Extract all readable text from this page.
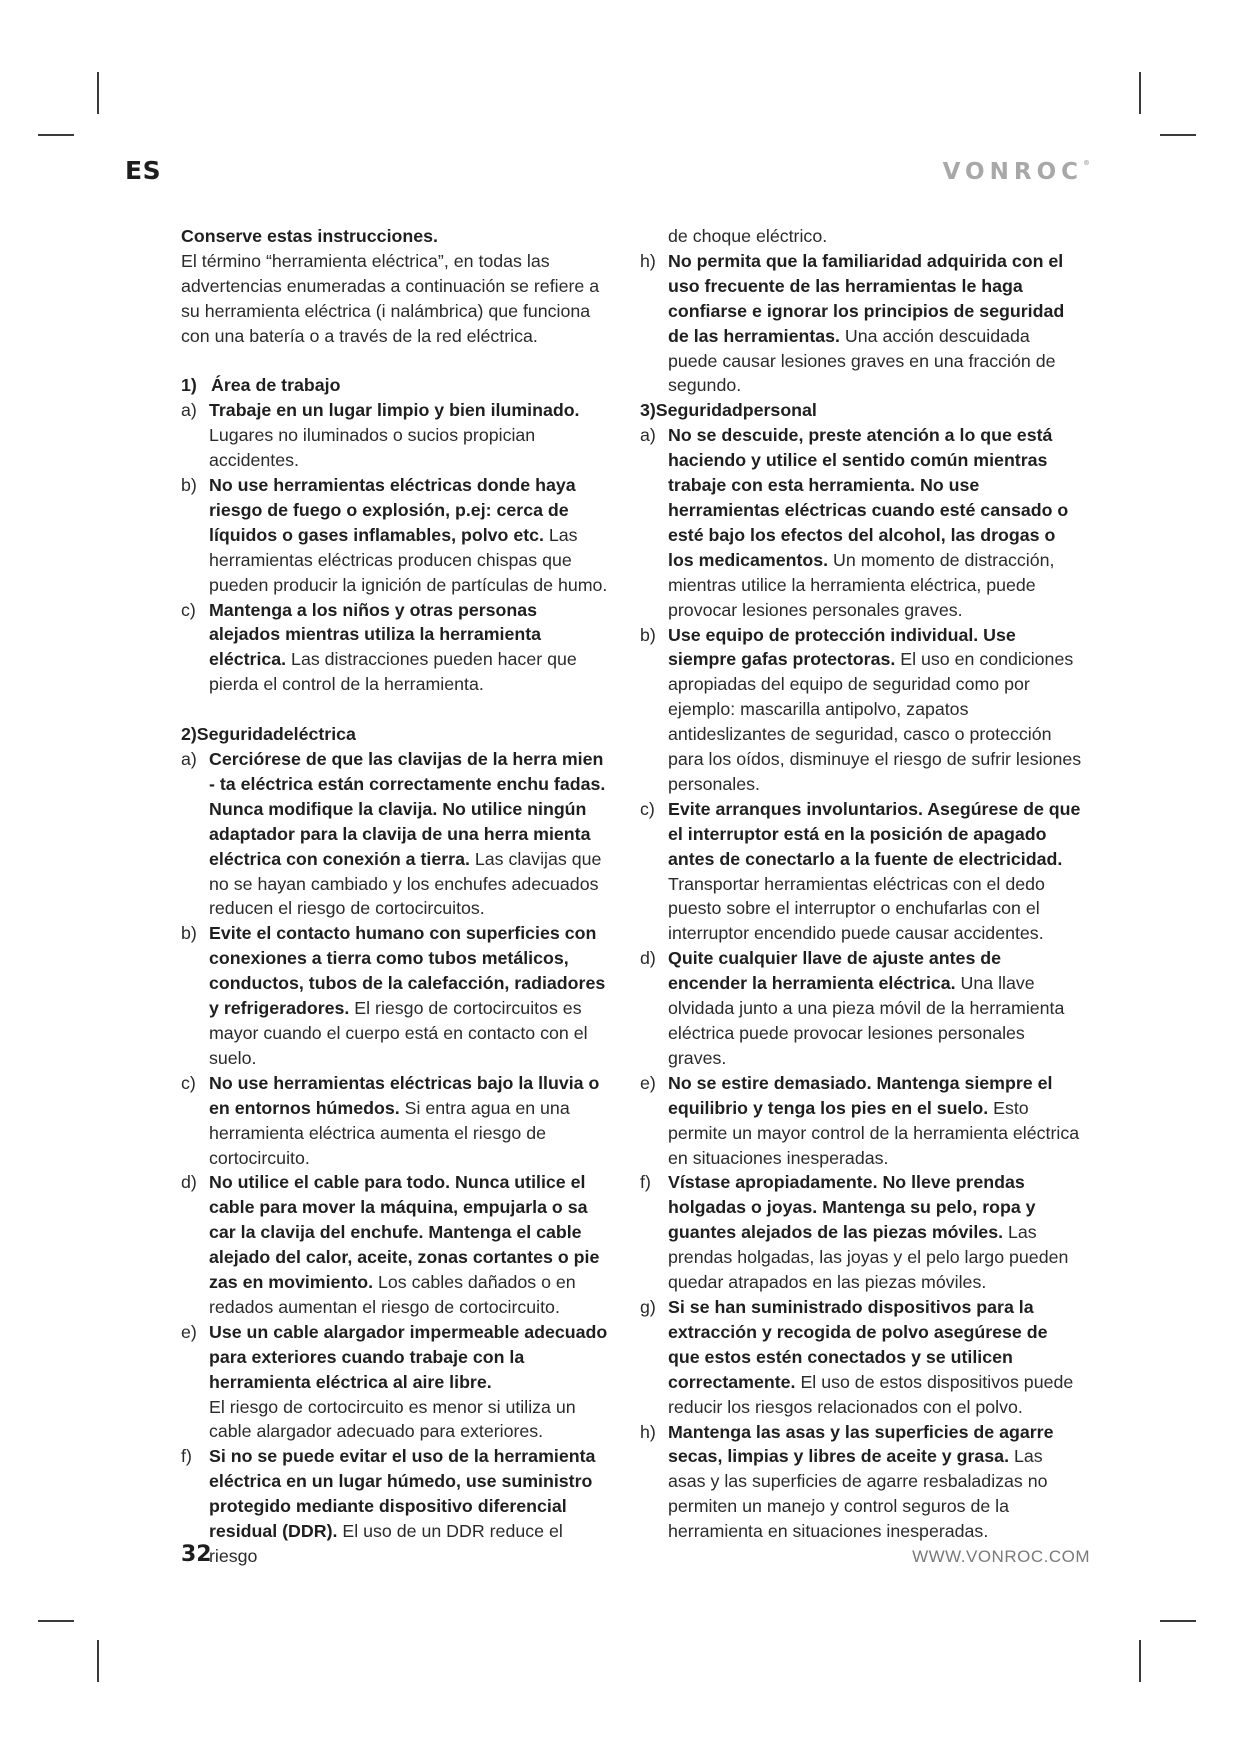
ES	VONROC®
Conserve estas instrucciones.
El término “herramienta eléctrica”, en todas las advertencias enumeradas a continuación se refiere a su herramienta eléctrica (i nalámbrica) que funciona con una batería o a través de la red eléctrica.
1) Área de trabajo
a) Trabaje en un lugar limpio y bien iluminado. Lugares no iluminados o sucios propician accidentes.
b) No use herramientas eléctricas donde haya riesgo de fuego o explosión, p.ej: cerca de líquidos o gases inflamables, polvo etc. Las herramientas eléctricas producen chispas que pueden producir la ignición de partículas de humo.
c) Mantenga a los niños y otras personas alejados mientras utiliza la herramienta eléctrica. Las distracciones pueden hacer que pierda el control de la herramienta.
2)Seguridadeléctrica
a) Cerciórese de que las clavijas de la herra mien - ta eléctrica están correctamente enchu fadas. Nunca modifique la clavija. No utilice ningún adaptador para la clavija de una herra mienta eléctrica con conexión a tierra. Las clavijas que no se hayan cambiado y los enchufes adecuados reducen el riesgo de cortocircuitos.
b) Evite el contacto humano con superficies con conexiones a tierra como tubos metálicos, conductos, tubos de la calefacción, radiadores y refrigeradores. El riesgo de cortocircuitos es mayor cuando el cuerpo está en contacto con el suelo.
c) No use herramientas eléctricas bajo la lluvia o en entornos húmedos. Si entra agua en una herramienta eléctrica aumenta el riesgo de cortocircuito.
d) No utilice el cable para todo. Nunca utilice el cable para mover la máquina, empujarla o sa car la clavija del enchufe. Mantenga el cable alejado del calor, aceite, zonas cortantes o pie zas en movimiento. Los cables dañados o en redados aumentan el riesgo de cortocircuito.
e) Use un cable alargador impermeable adecuado para exteriores cuando trabaje con la herramienta eléctrica al aire libre.
El riesgo de cortocircuito es menor si utiliza un cable alargador adecuado para exteriores.
f) Si no se puede evitar el uso de la herramienta eléctrica en un lugar húmedo, use suministro protegido mediante dispositivo diferencial residual (DDR). El uso de un DDR reduce el riesgo
de choque eléctrico.
h) No permita que la familiaridad adquirida con el uso frecuente de las herramientas le haga confiarse e ignorar los principios de seguridad de las herramientas. Una acción descuidada puede causar lesiones graves en una fracción de segundo.
3)Seguridadpersonal
a) No se descuide, preste atención a lo que está haciendo y utilice el sentido común mientras trabaje con esta herramienta. No use herramientas eléctricas cuando esté cansado o esté bajo los efectos del alcohol, las drogas o los medicamentos. Un momento de distracción, mientras utilice la herramienta eléctrica, puede provocar lesiones personales graves.
b) Use equipo de protección individual. Use siempre gafas protectoras. El uso en condiciones apropiadas del equipo de seguridad como por ejemplo: mascarilla antipolvo, zapatos antideslizantes de seguridad, casco o protección para los oídos, disminuye el riesgo de sufrir lesiones personales.
c) Evite arranques involuntarios. Asegúrese de que el interruptor está en la posición de apagado antes de conectarlo a la fuente de electricidad. Transportar herramientas eléctricas con el dedo puesto sobre el interruptor o enchufarlas con el interruptor encendido puede causar accidentes.
d) Quite cualquier llave de ajuste antes de encender la herramienta eléctrica. Una llave olvidada junto a una pieza móvil de la herramienta eléctrica puede provocar lesiones personales graves.
e) No se estire demasiado. Mantenga siempre el equilibrio y tenga los pies en el suelo. Esto permite un mayor control de la herramienta eléctrica en situaciones inesperadas.
f) Vístase apropiadamente. No lleve prendas holgadas o joyas. Mantenga su pelo, ropa y guantes alejados de las piezas móviles. Las prendas holgadas, las joyas y el pelo largo pueden quedar atrapados en las piezas móviles.
g) Si se han suministrado dispositivos para la extracción y recogida de polvo asegúrese de que estos estén conectados y se utilicen correctamente. El uso de estos dispositivos puede reducir los riesgos relacionados con el polvo.
h) Mantenga las asas y las superficies de agarre secas, limpias y libres de aceite y grasa. Las asas y las superficies de agarre resbaladizas no permiten un manejo y control seguros de la herramienta en situaciones inesperadas.
32	WWW.VONROC.COM
